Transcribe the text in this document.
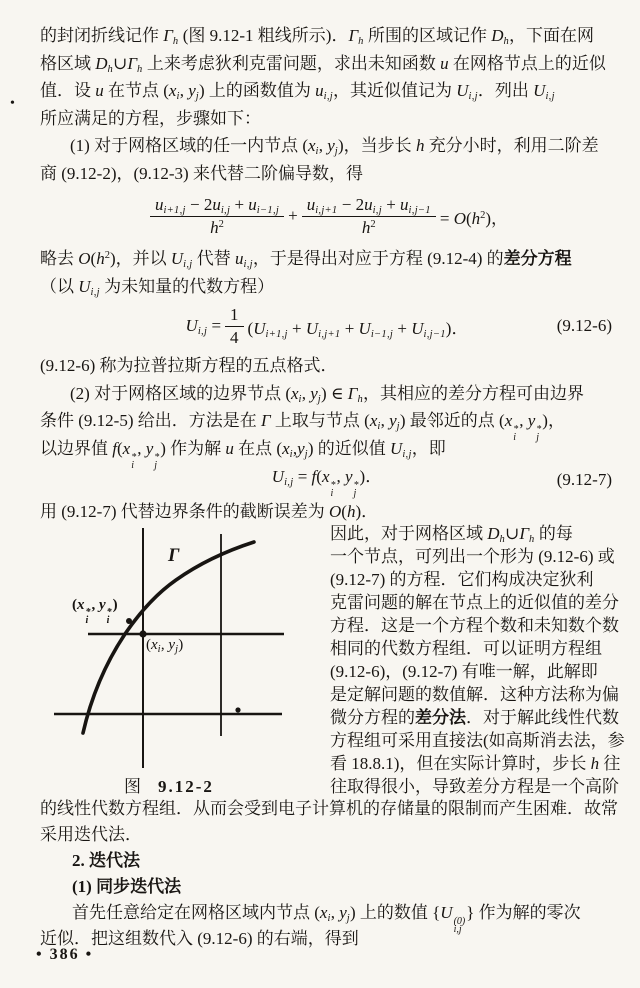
•
的封闭折线记作 $\Gamma_h$ (图 9.12-1 粗线所示)．$\Gamma_h$ 所围的区域记作 $D_h$，下面在网
格区域 $D_h\cup\Gamma_h$ 上来考虑狄利克雷问题，求出未知函数 u 在网格节点上的近似
值．设 u 在节点 ($x_i$, $y_j$) 上的函数值为 $u_{i,j}$，其近似值记为 $U_{i,j}$．列出 $U_{i,j}$
所应满足的方程，步骤如下：
(1) 对于网格区域的任一内节点 ($x_i$, $y_j$)，当步长 h 充分小时，利用二阶差
商 (9.12-2)，(9.12-3) 来代替二阶偏导数，得
$\frac{u_{i+1,j} - 2u_{i,j} + u_{i-1,j}}{h^2} + \frac{u_{i,j+1} - 2u_{i,j} + u_{i,j-1}}{h^2} = O(h^2)$，
略去 $O(h^2)$，并以 $U_{i,j}$ 代替 $u_{i,j}$，于是得出对应于方程 (9.12-4) 的差分方程
（以 $U_{i,j}$ 为未知量的代数方程）
$U_{i,j} = \frac{1}{4} (U_{i+1,j} + U_{i,j+1} + U_{i-1,j} + U_{i,j-1})$．	(9.12-6)
(9.12-6) 称为拉普拉斯方程的五点格式．
(2) 对于网格区域的边界节点 ($x_i$, $y_j$) ∈ $\Gamma_h$，其相应的差分方程可由边界
条件 (9.12-5) 给出．方法是在 Γ 上取与节点 ($x_i$, $y_j$) 最邻近的点 (x *
i
, y *
j
)，
以边界值 f(x *
i
, y *
j
) 作为解 u 在点 $(x_i,y_j)$ 的近似值 $U_{i,j}$，即
$U_{i,j} = f(x$ *
i
, y *
j
)．	(9.12-7)
用 (9.12-7) 代替边界条件的截断误差为 O(h)．
Γ
(x *
i
, y *
i
)
($x_i$, $y_j$)
图 9.12-2
因此，对于网格区域 $D_h\cup\Gamma_h$ 的每
一个节点，可列出一个形为 (9.12-6) 或
(9.12-7) 的方程．它们构成决定狄利
克雷问题的解在节点上的近似值的差分
方程．这是一个方程个数和未知数个数
相同的代数方程组．可以证明方程组
(9.12-6)，(9.12-7) 有唯一解，此解即
是定解问题的数值解．这种方法称为偏
微分方程的差分法．对于解此线性代数
方程组可采用直接法(如高斯消去法，参
看 18.8.1)，但在实际计算时，步长 h 往
往取得很小，导致差分方程是一个高阶
的线性代数方程组．从而会受到电子计算机的存储量的限制而产生困难．故常
采用迭代法．
2. 迭代法
(1) 同步迭代法
首先任意给定在网格区域内节点 ($x_i$, $y_j$) 上的数值 {U (0)
i,j
} 作为解的零次
近似．把这组数代入 (9.12-6) 的右端，得到
• 386 •
